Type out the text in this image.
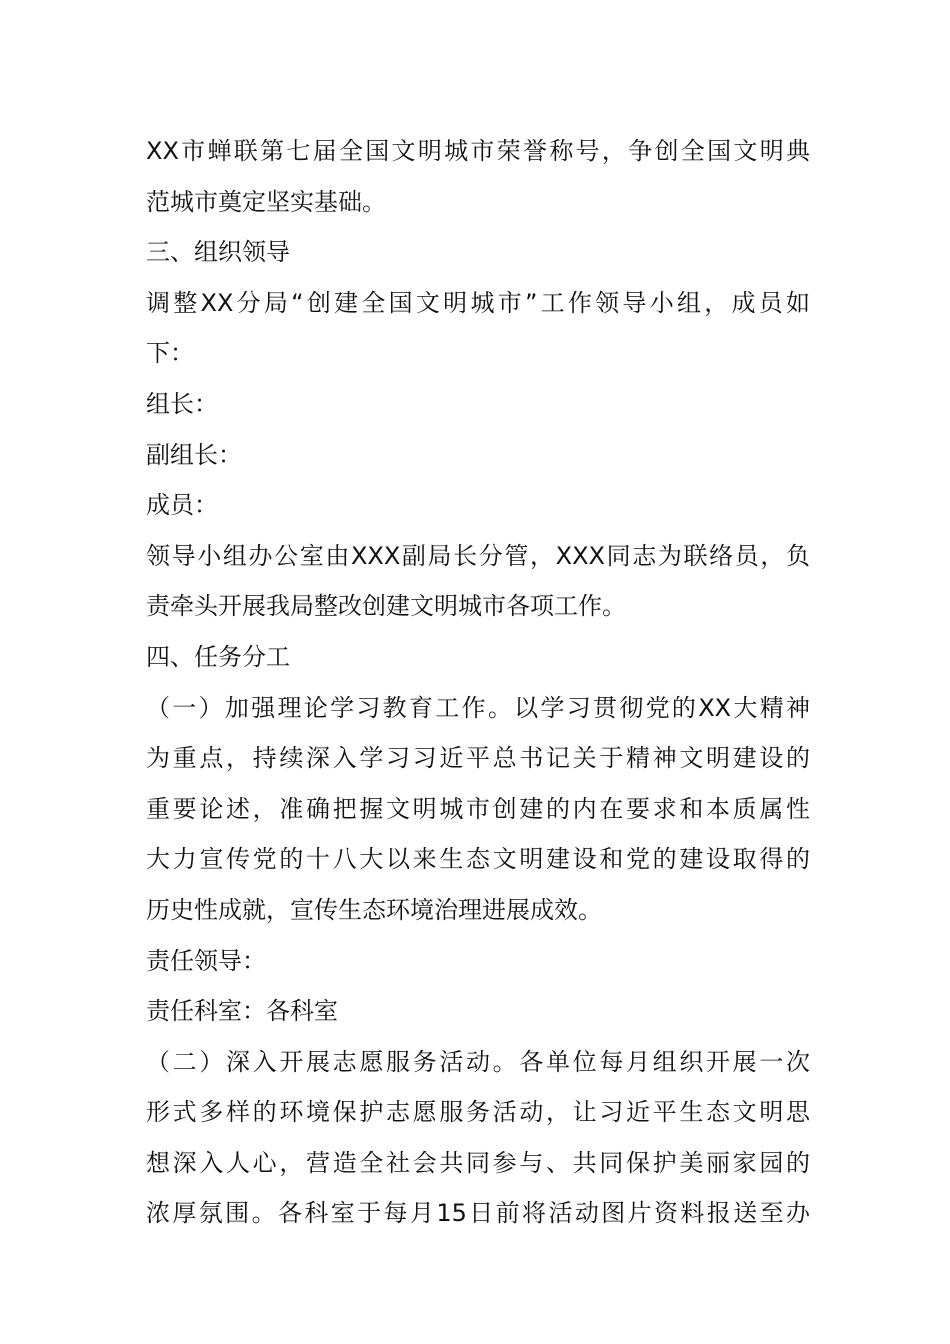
XX市蝉联第七届全国文明城市荣誉称号，争创全国文明典
范城市奠定坚实基础。
三、组织领导
调整XX分局“创建全国文明城市”工作领导小组，成员如
下：
组长：
副组长：
成员：
领导小组办公室由XXX副局长分管，XXX同志为联络员，负
责牵头开展我局整改创建文明城市各项工作。
四、任务分工
（一）加强理论学习教育工作。以学习贯彻党的XX大精神
为重点，持续深入学习习近平总书记关于精神文明建设的
重要论述，准确把握文明城市创建的内在要求和本质属性
大力宣传党的十八大以来生态文明建设和党的建设取得的
历史性成就，宣传生态环境治理进展成效。
责任领导：
责任科室：各科室
（二）深入开展志愿服务活动。各单位每月组织开展一次
形式多样的环境保护志愿服务活动，让习近平生态文明思
想深入人心，营造全社会共同参与、共同保护美丽家园的
浓厚氛围。各科室于每月15日前将活动图片资料报送至办
